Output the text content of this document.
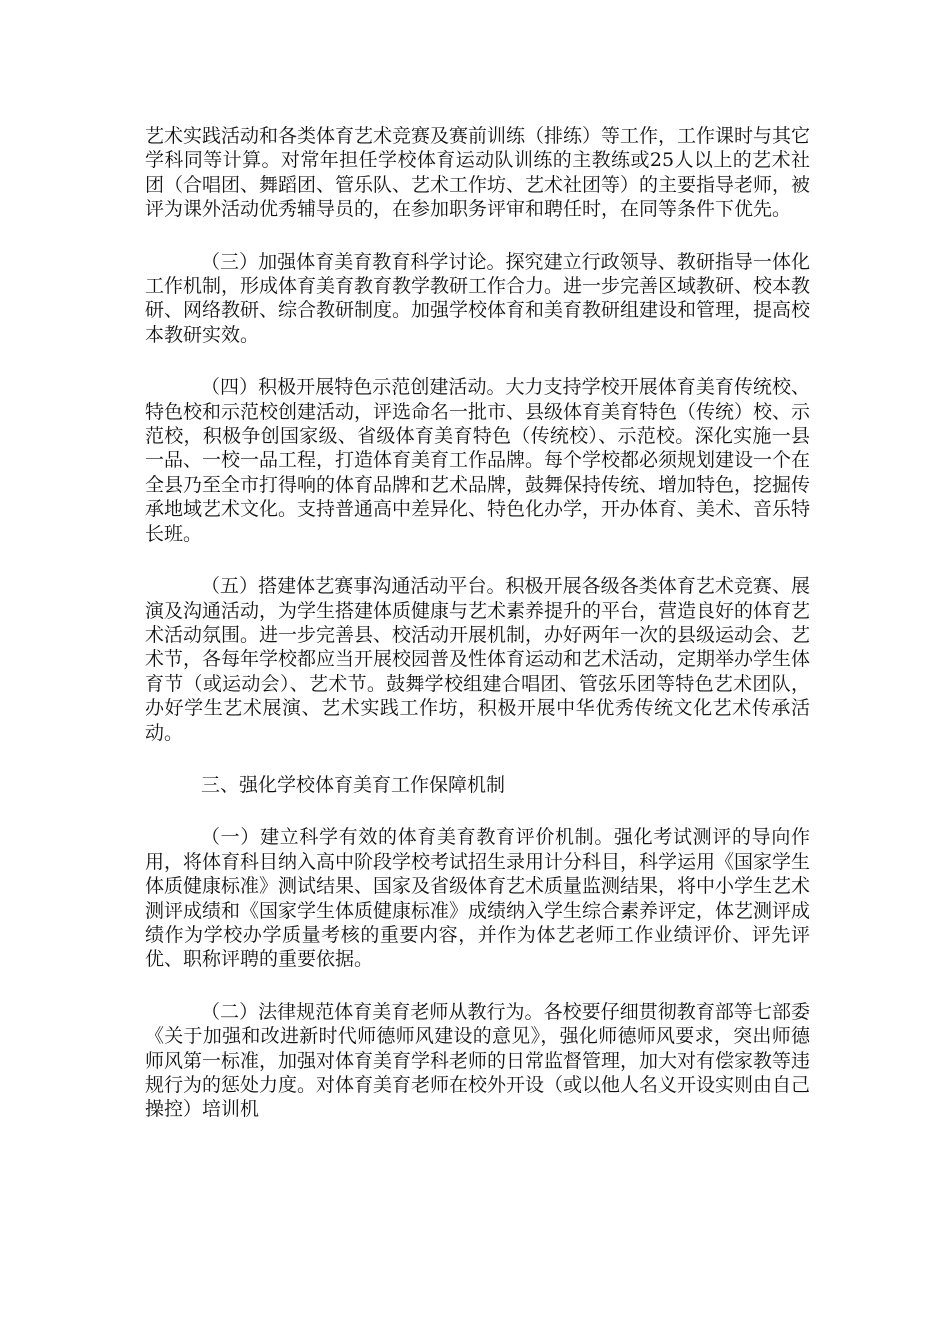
艺术实践活动和各类体育艺术竞赛及赛前训练（排练）等工作，工作课时与其它学科同等计算。对常年担任学校体育运动队训练的主教练或25人以上的艺术社团（合唱团、舞蹈团、管乐队、艺术工作坊、艺术社团等）的主要指导老师，被评为课外活动优秀辅导员的，在参加职务评审和聘任时，在同等条件下优先。

（三）加强体育美育教育科学讨论。探究建立行政领导、教研指导一体化工作机制，形成体育美育教育教学教研工作合力。进一步完善区域教研、校本教研、网络教研、综合教研制度。加强学校体育和美育教研组建设和管理，提高校本教研实效。

（四）积极开展特色示范创建活动。大力支持学校开展体育美育传统校、特色校和示范校创建活动，评选命名一批市、县级体育美育特色（传统）校、示范校，积极争创国家级、省级体育美育特色（传统校）、示范校。深化实施一县一品、一校一品工程，打造体育美育工作品牌。每个学校都必须规划建设一个在全县乃至全市打得响的体育品牌和艺术品牌，鼓舞保持传统、增加特色，挖掘传承地域艺术文化。支持普通高中差异化、特色化办学，开办体育、美术、音乐特长班。

（五）搭建体艺赛事沟通活动平台。积极开展各级各类体育艺术竞赛、展演及沟通活动，为学生搭建体质健康与艺术素养提升的平台，营造良好的体育艺术活动氛围。进一步完善县、校活动开展机制，办好两年一次的县级运动会、艺术节，各每年学校都应当开展校园普及性体育运动和艺术活动，定期举办学生体育节（或运动会）、艺术节。鼓舞学校组建合唱团、管弦乐团等特色艺术团队，办好学生艺术展演、艺术实践工作坊，积极开展中华优秀传统文化艺术传承活动。

三、强化学校体育美育工作保障机制

（一）建立科学有效的体育美育教育评价机制。强化考试测评的导向作用，将体育科目纳入高中阶段学校考试招生录用计分科目，科学运用《国家学生体质健康标准》测试结果、国家及省级体育艺术质量监测结果，将中小学生艺术测评成绩和《国家学生体质健康标准》成绩纳入学生综合素养评定，体艺测评成绩作为学校办学质量考核的重要内容，并作为体艺老师工作业绩评价、评先评优、职称评聘的重要依据。

（二）法律规范体育美育老师从教行为。各校要仔细贯彻教育部等七部委《关于加强和改进新时代师德师风建设的意见》，强化师德师风要求，突出师德师风第一标准，加强对体育美育学科老师的日常监督管理，加大对有偿家教等违规行为的惩处力度。对体育美育老师在校外开设（或以他人名义开设实则由自己操控）培训机
